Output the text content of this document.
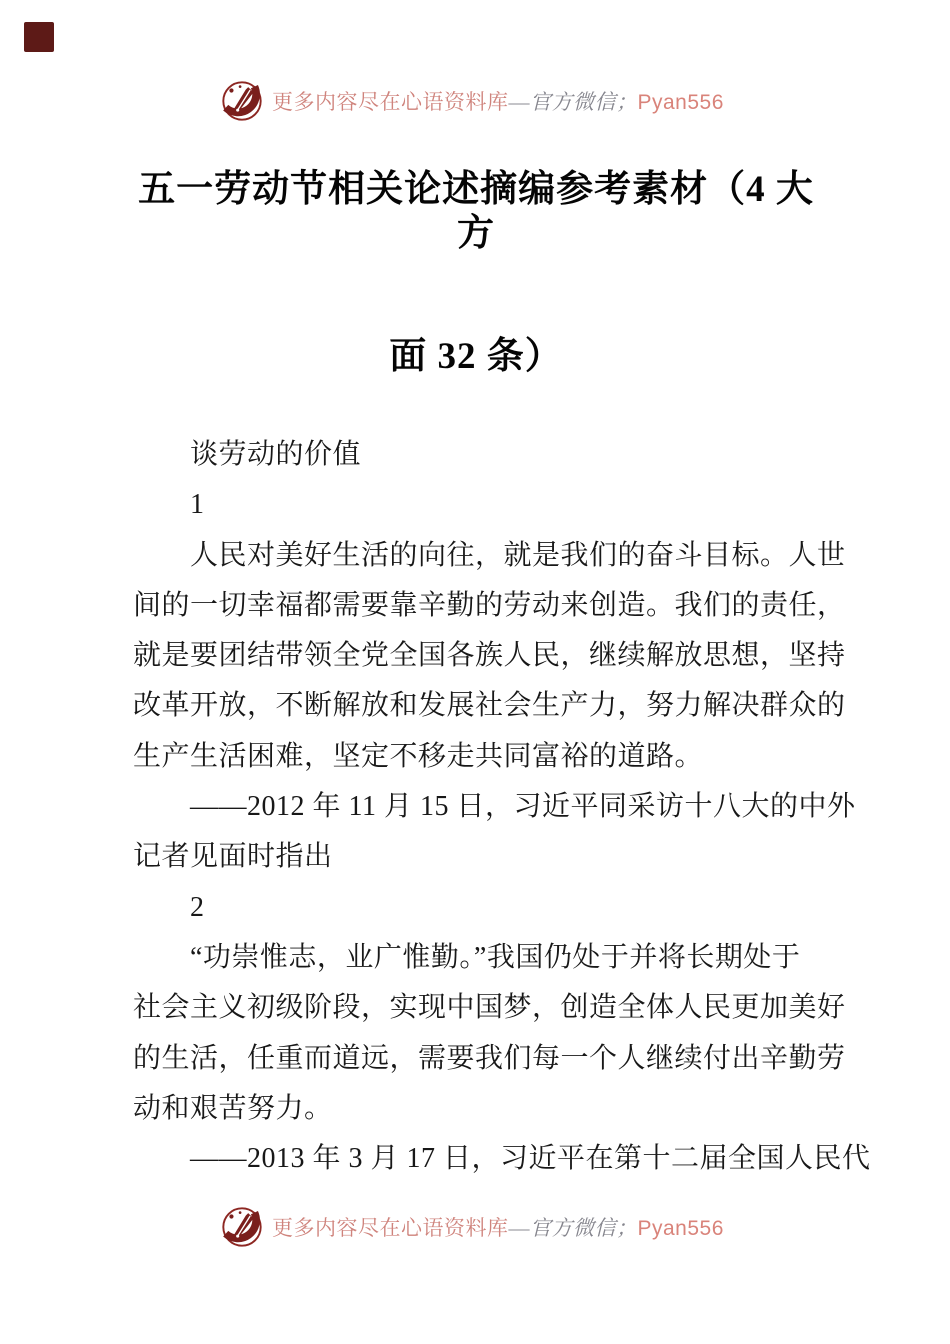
更多内容尽在心语资料库—官方微信；Pyan556
五一劳动节相关论述摘编参考素材（4 大方
面 32 条）
　　谈劳动的价值
　　1
　　人民对美好生活的向往，就是我们的奋斗目标。人世
间的一切幸福都需要靠辛勤的劳动来创造。我们的责任，
就是要团结带领全党全国各族人民，继续解放思想，坚持
改革开放，不断解放和发展社会生产力，努力解决群众的
生产生活困难，坚定不移走共同富裕的道路。
　　——2012 年 11 月 15 日，习近平同采访十八大的中外
记者见面时指出
　　2
　　“功崇惟志，业广惟勤。”我国仍处于并将长期处于
社会主义初级阶段，实现中国梦，创造全体人民更加美好
的生活，任重而道远，需要我们每一个人继续付出辛勤劳
动和艰苦努力。
　　——2013 年 3 月 17 日，习近平在第十二届全国人民代
更多内容尽在心语资料库—官方微信；Pyan556
